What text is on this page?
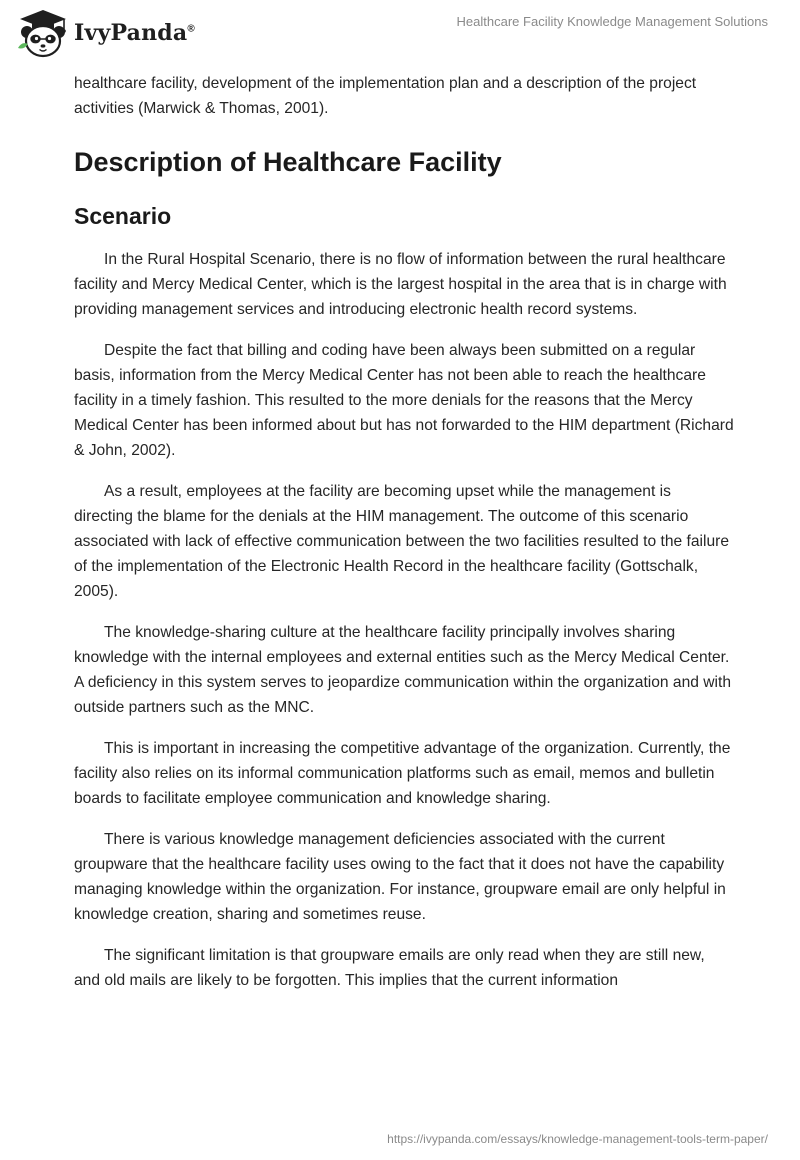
IvyPanda®
Healthcare Facility Knowledge Management Solutions

healthcare facility, development of the implementation plan and a description of the project activities (Marwick & Thomas, 2001).

Description of Healthcare Facility
Scenario

In the Rural Hospital Scenario, there is no flow of information between the rural healthcare facility and Mercy Medical Center, which is the largest hospital in the area that is in charge with providing management services and introducing electronic health record systems.

Despite the fact that billing and coding have been always been submitted on a regular basis, information from the Mercy Medical Center has not been able to reach the healthcare facility in a timely fashion. This resulted to the more denials for the reasons that the Mercy Medical Center has been informed about but has not forwarded to the HIM department (Richard & John, 2002).

As a result, employees at the facility are becoming upset while the management is directing the blame for the denials at the HIM management. The outcome of this scenario associated with lack of effective communication between the two facilities resulted to the failure of the implementation of the Electronic Health Record in the healthcare facility (Gottschalk, 2005).

The knowledge-sharing culture at the healthcare facility principally involves sharing knowledge with the internal employees and external entities such as the Mercy Medical Center. A deficiency in this system serves to jeopardize communication within the organization and with outside partners such as the MNC.

This is important in increasing the competitive advantage of the organization. Currently, the facility also relies on its informal communication platforms such as email, memos and bulletin boards to facilitate employee communication and knowledge sharing.

There is various knowledge management deficiencies associated with the current groupware that the healthcare facility uses owing to the fact that it does not have the capability managing knowledge within the organization. For instance, groupware email are only helpful in knowledge creation, sharing and sometimes reuse.

The significant limitation is that groupware emails are only read when they are still new, and old mails are likely to be forgotten. This implies that the current information

https://ivypanda.com/essays/knowledge-management-tools-term-paper/
